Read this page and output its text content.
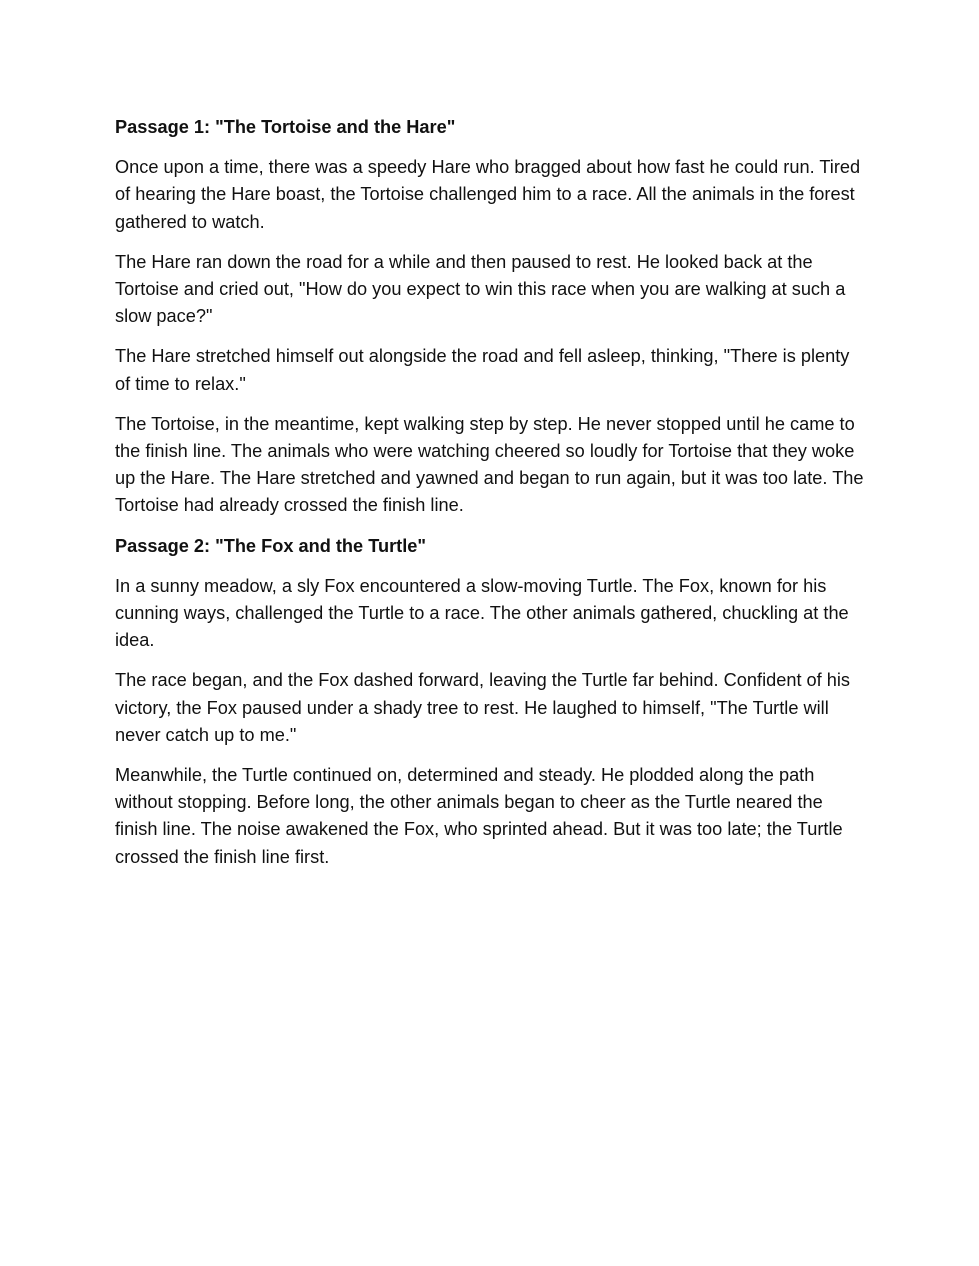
Passage 1: "The Tortoise and the Hare"

Once upon a time, there was a speedy Hare who bragged about how fast he could run. Tired of hearing the Hare boast, the Tortoise challenged him to a race. All the animals in the forest gathered to watch.

The Hare ran down the road for a while and then paused to rest. He looked back at the Tortoise and cried out, "How do you expect to win this race when you are walking at such a slow pace?"

The Hare stretched himself out alongside the road and fell asleep, thinking, "There is plenty of time to relax."

The Tortoise, in the meantime, kept walking step by step. He never stopped until he came to the finish line. The animals who were watching cheered so loudly for Tortoise that they woke up the Hare. The Hare stretched and yawned and began to run again, but it was too late. The Tortoise had already crossed the finish line.

Passage 2: "The Fox and the Turtle"

In a sunny meadow, a sly Fox encountered a slow-moving Turtle. The Fox, known for his cunning ways, challenged the Turtle to a race. The other animals gathered, chuckling at the idea.

The race began, and the Fox dashed forward, leaving the Turtle far behind. Confident of his victory, the Fox paused under a shady tree to rest. He laughed to himself, "The Turtle will never catch up to me."

Meanwhile, the Turtle continued on, determined and steady. He plodded along the path without stopping. Before long, the other animals began to cheer as the Turtle neared the finish line. The noise awakened the Fox, who sprinted ahead. But it was too late; the Turtle crossed the finish line first.
